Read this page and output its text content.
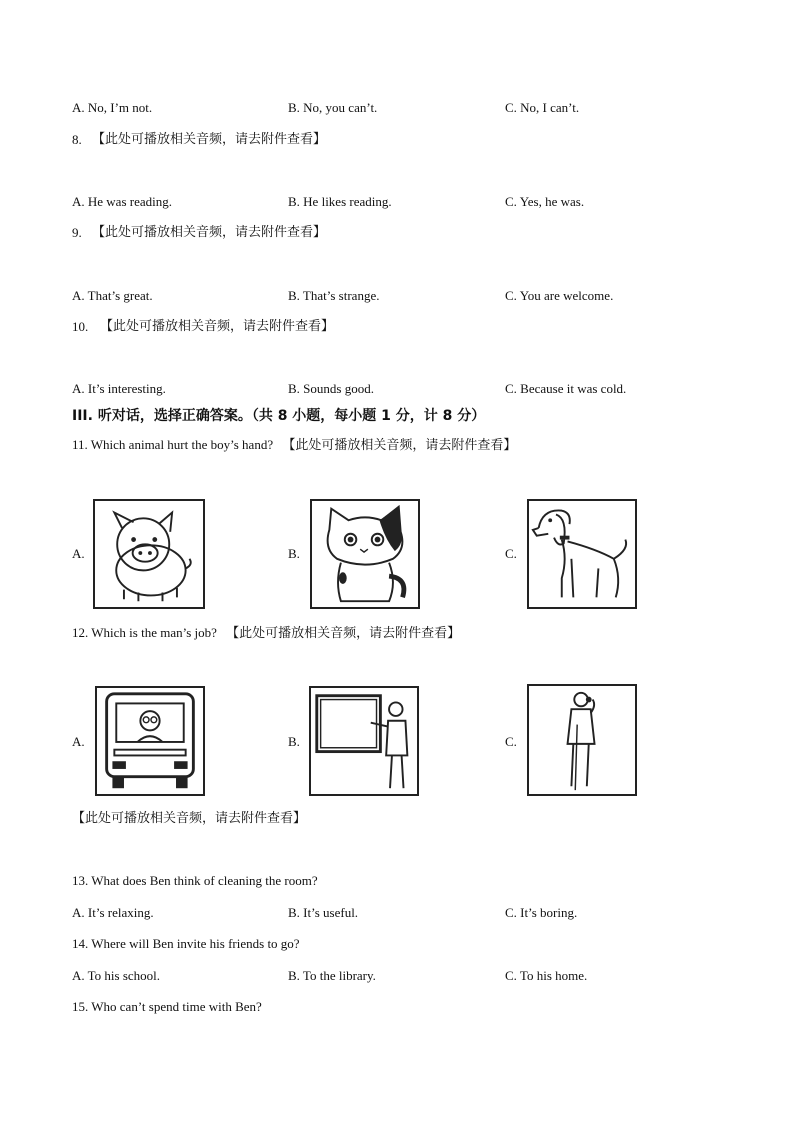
A. No, I’m not.	B. No, you can’t.	C. No, I can’t.
8. 【此处可播放相关音频，请去附件查看】
A. He was reading.	B. He likes reading.	C. Yes, he was.
9. 【此处可播放相关音频，请去附件查看】
A. That’s great.	B. That’s strange.	C. You are welcome.
10. 【此处可播放相关音频，请去附件查看】
A. It’s interesting.	B. Sounds good.	C. Because it was cold.
III. 听对话，选择正确答案。（共 8 小题，每小题 1 分，计 8 分）
11. Which animal hurt the boy’s hand? 【此处可播放相关音频，请去附件查看】
A.	B.	C.
12. Which is the man’s job? 【此处可播放相关音频，请去附件查看】
A.	B.	C.
【此处可播放相关音频，请去附件查看】
13. What does Ben think of cleaning the room?
A. It’s relaxing.	B. It’s useful.	C. It’s boring.
14. Where will Ben invite his friends to go?
A. To his school.	B. To the library.	C. To his home.
15. Who can’t spend time with Ben?
